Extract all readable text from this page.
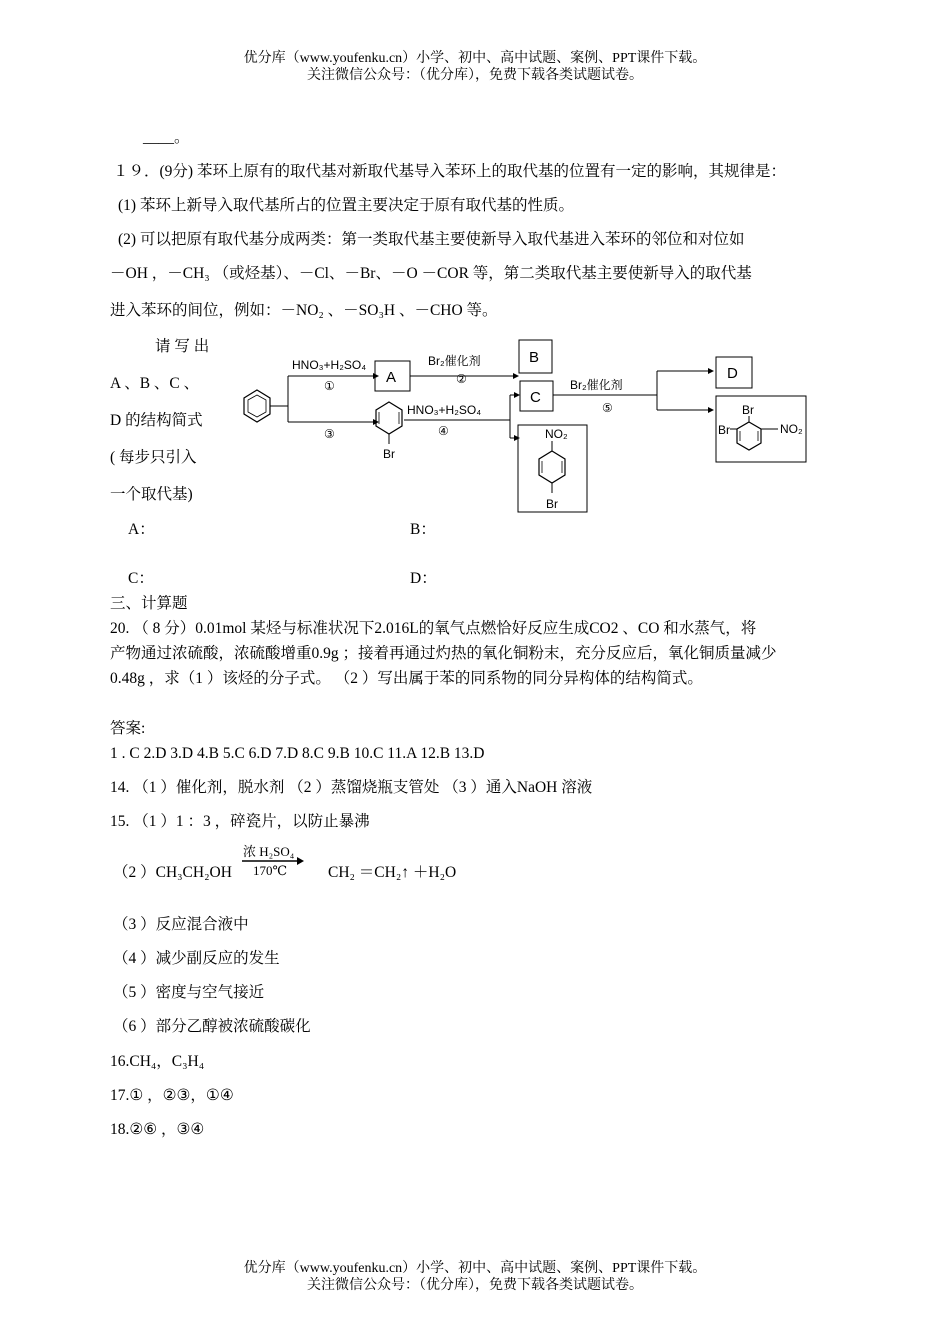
优分库（www.youfenku.cn）小学、初中、高中试题、案例、PPT课件下载。
关注微信公众号：（优分库），免费下载各类试题试卷。
____。
１９．(9分) 苯环上原有的取代基对新取代基导入苯环上的取代基的位置有一定的影响，其规律是：
(1) 苯环上新导入取代基所占的位置主要决定于原有取代基的性质。
(2) 可以把原有取代基分成两类：第一类取代基主要使新导入取代基进入苯环的邻位和对位如
－OH ，－CH₃ （或烃基）、－Cl、－Br、－O －COR 等，第二类取代基主要使新导入的取代基
进入苯环的间位，例如：－NO₂ 、－SO₃H 、－CHO 等。
请 写 出
A 、B 、C 、
D 的结构简式
( 每步只引入
一个取代基)
HNO₃+H₂SO₄
①
③
A
Br₂催化剂
②
B
Br
HNO₃+H₂SO₄
④
C
Br₂催化剂
⑤
NO₂
Br
D
Br
Br	NO₂
A：	B：
C：	D：
三、计算题
20. （ 8 分）0.01mol 某烃与标准状况下2.016L的氧气点燃恰好反应生成CO2 、CO 和水蒸气，将
产物通过浓硫酸，浓硫酸增重0.9g ；接着再通过灼热的氧化铜粉末，充分反应后，氧化铜质量减少
0.48g ，求（1 ）该烃的分子式。 （2 ）写出属于苯的同系物的同分异构体的结构简式。
答案:
1 . C 2.D 3.D 4.B 5.C 6.D 7.D 8.C 9.B 10.C 11.A 12.B 13.D
14. （1 ）催化剂，脱水剂 （2 ）蒸馏烧瓶支管处 （3 ）通入NaOH 溶液
15. （1 ）1 ：3 ，碎瓷片，以防止暴沸
（2 ）CH₃CH₂OH
浓 H₂SO₄
170℃	CH₂ ＝CH₂↑ ＋H₂O
（3 ）反应混合液中
（4 ）减少副反应的发生
（5 ）密度与空气接近
（6 ）部分乙醇被浓硫酸碳化
16.CH₄，C₃H₄
17.① ，②③，①④
18.②⑥ ，③④
优分库（www.youfenku.cn）小学、初中、高中试题、案例、PPT课件下载。
关注微信公众号：（优分库），免费下载各类试题试卷。
